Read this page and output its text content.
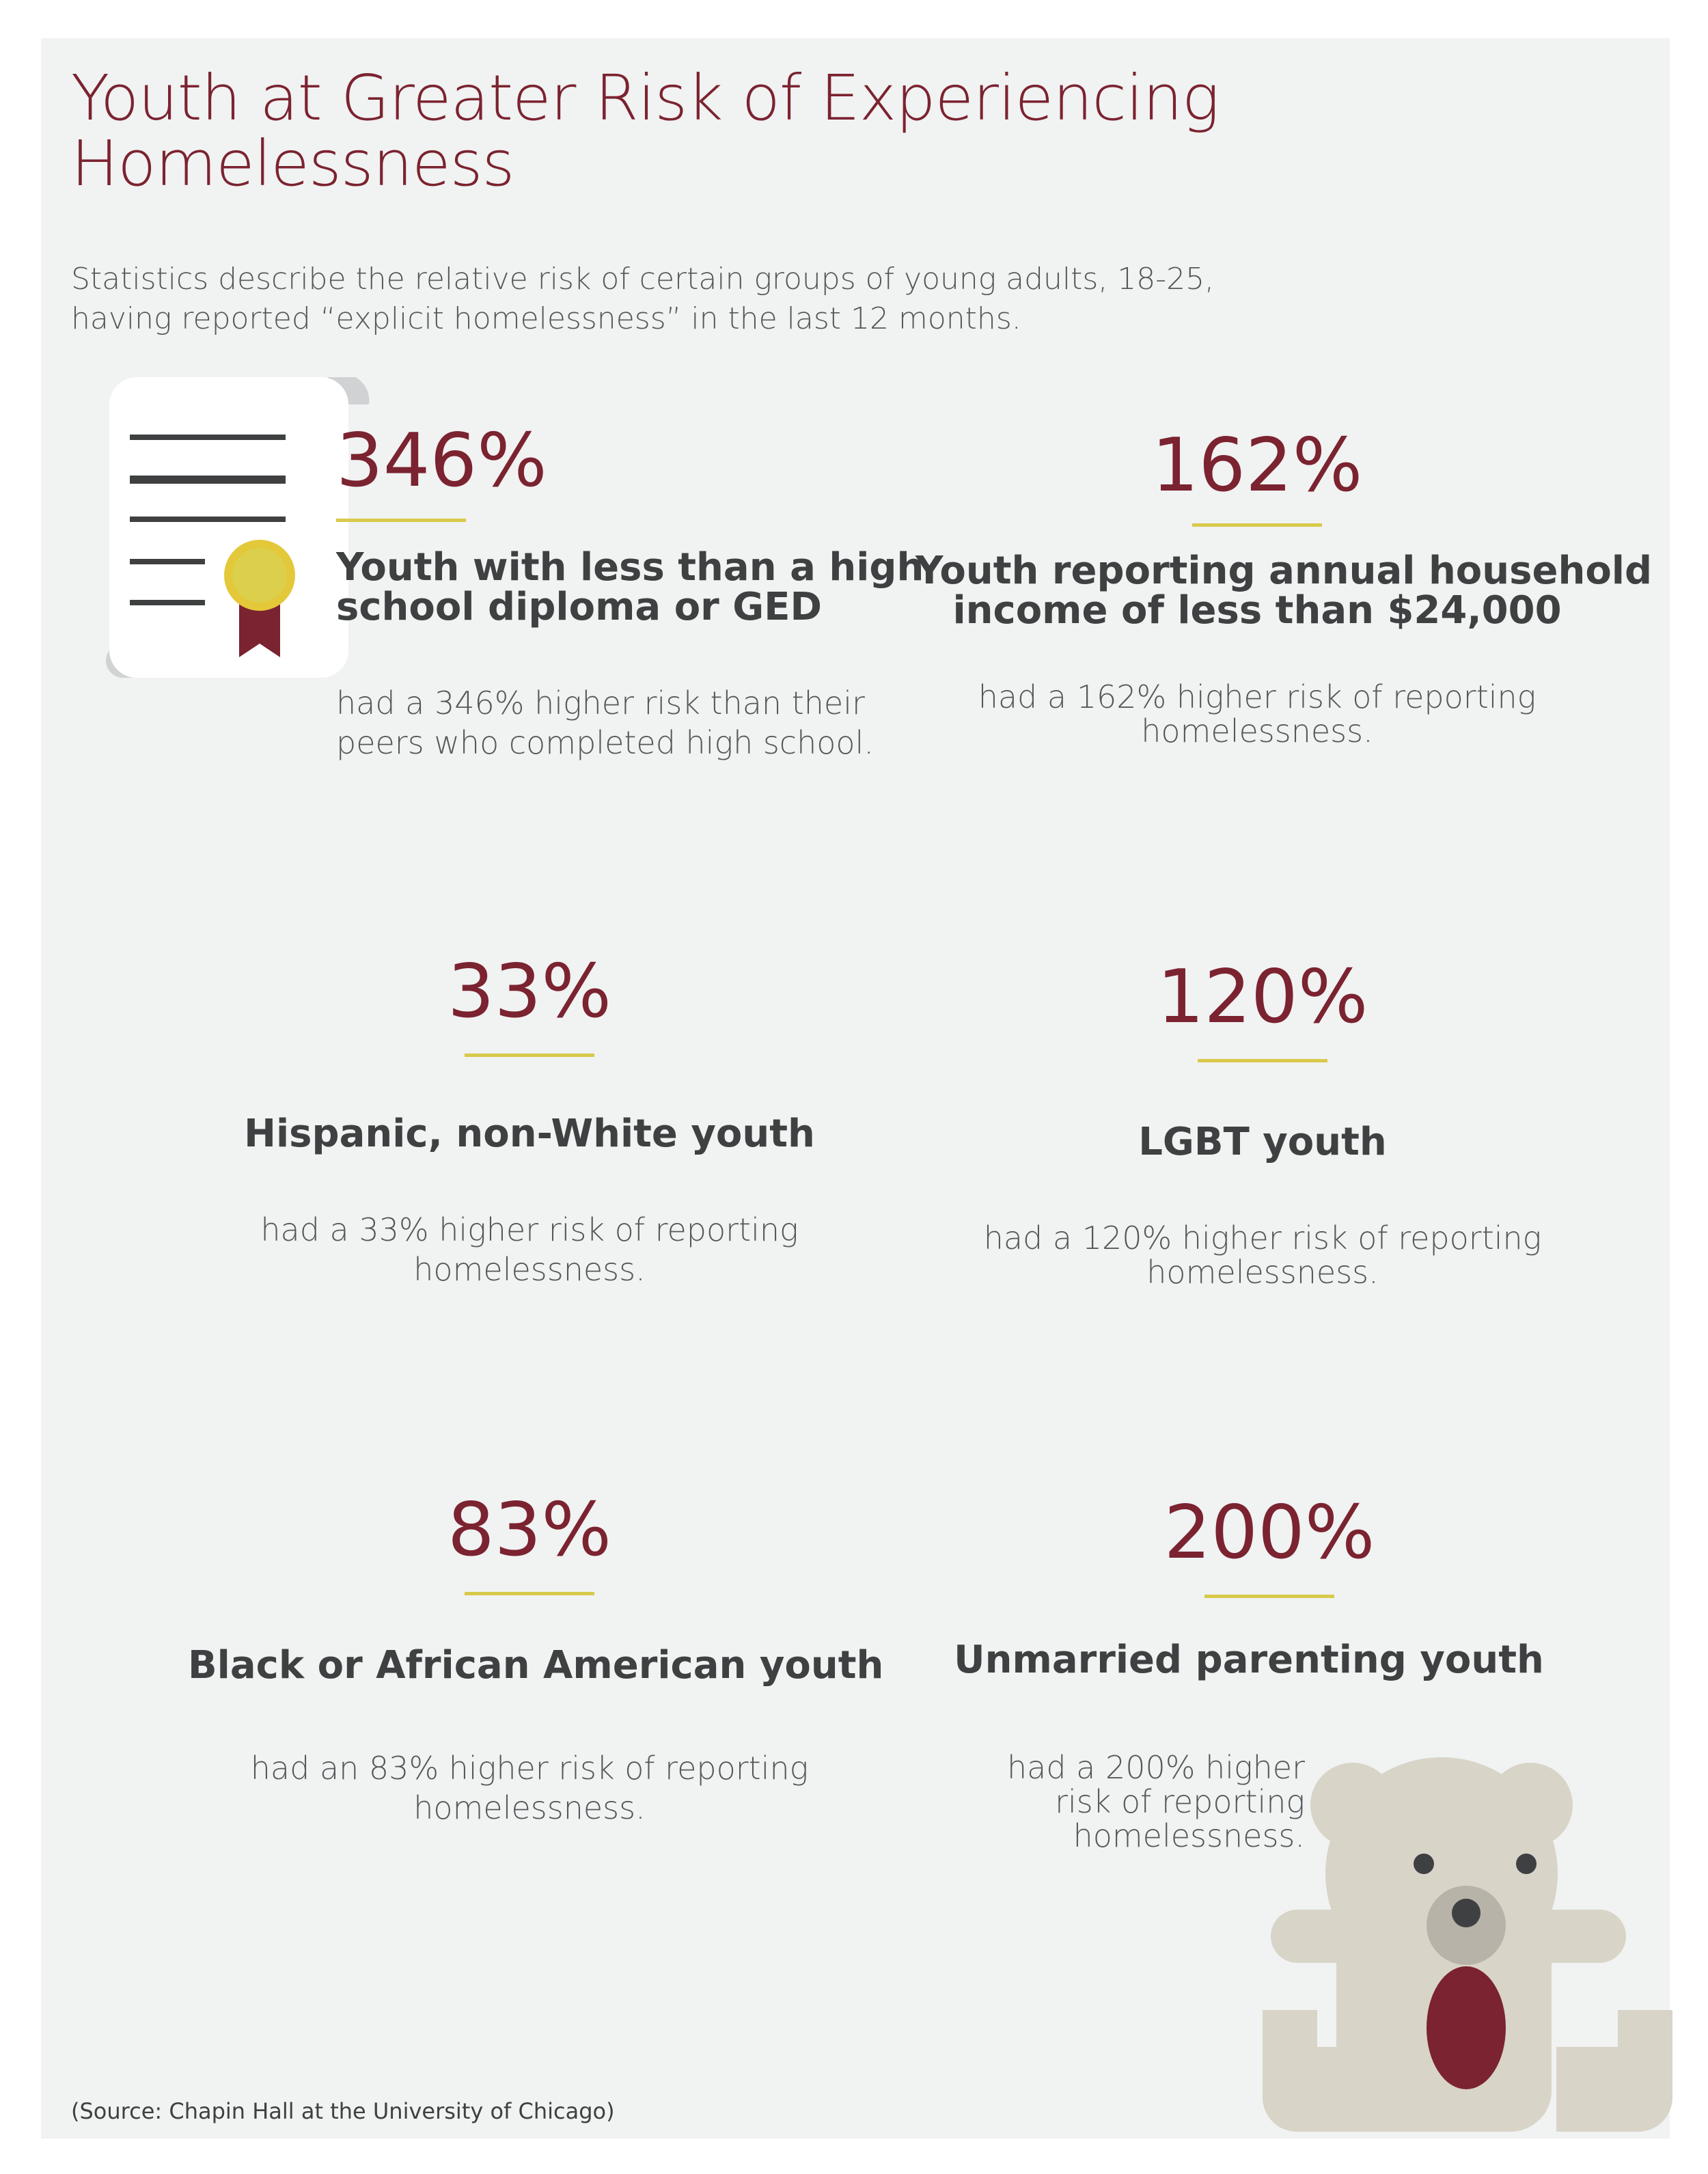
Youth at Greater Risk of Experiencing
Homelessness
Statistics describe the relative risk of certain groups of young adults, 18-25,
having reported “explicit homelessness” in the last 12 months.
346%
Youth with less than a high
school diploma or GED
had a 346% higher risk than their
peers who completed high school.
162%
Youth reporting annual household
income of less than $24,000
had a 162% higher risk of reporting
homelessness.
33%
Hispanic, non-White youth
had a 33% higher risk of reporting
homelessness.
120%
LGBT youth
had a 120% higher risk of reporting
homelessness.
83%
Black or African American youth
had an 83% higher risk of reporting
homelessness.
200%
Unmarried parenting youth
had a 200% higher
risk of reporting
homelessness.
(Source: Chapin Hall at the University of Chicago)
